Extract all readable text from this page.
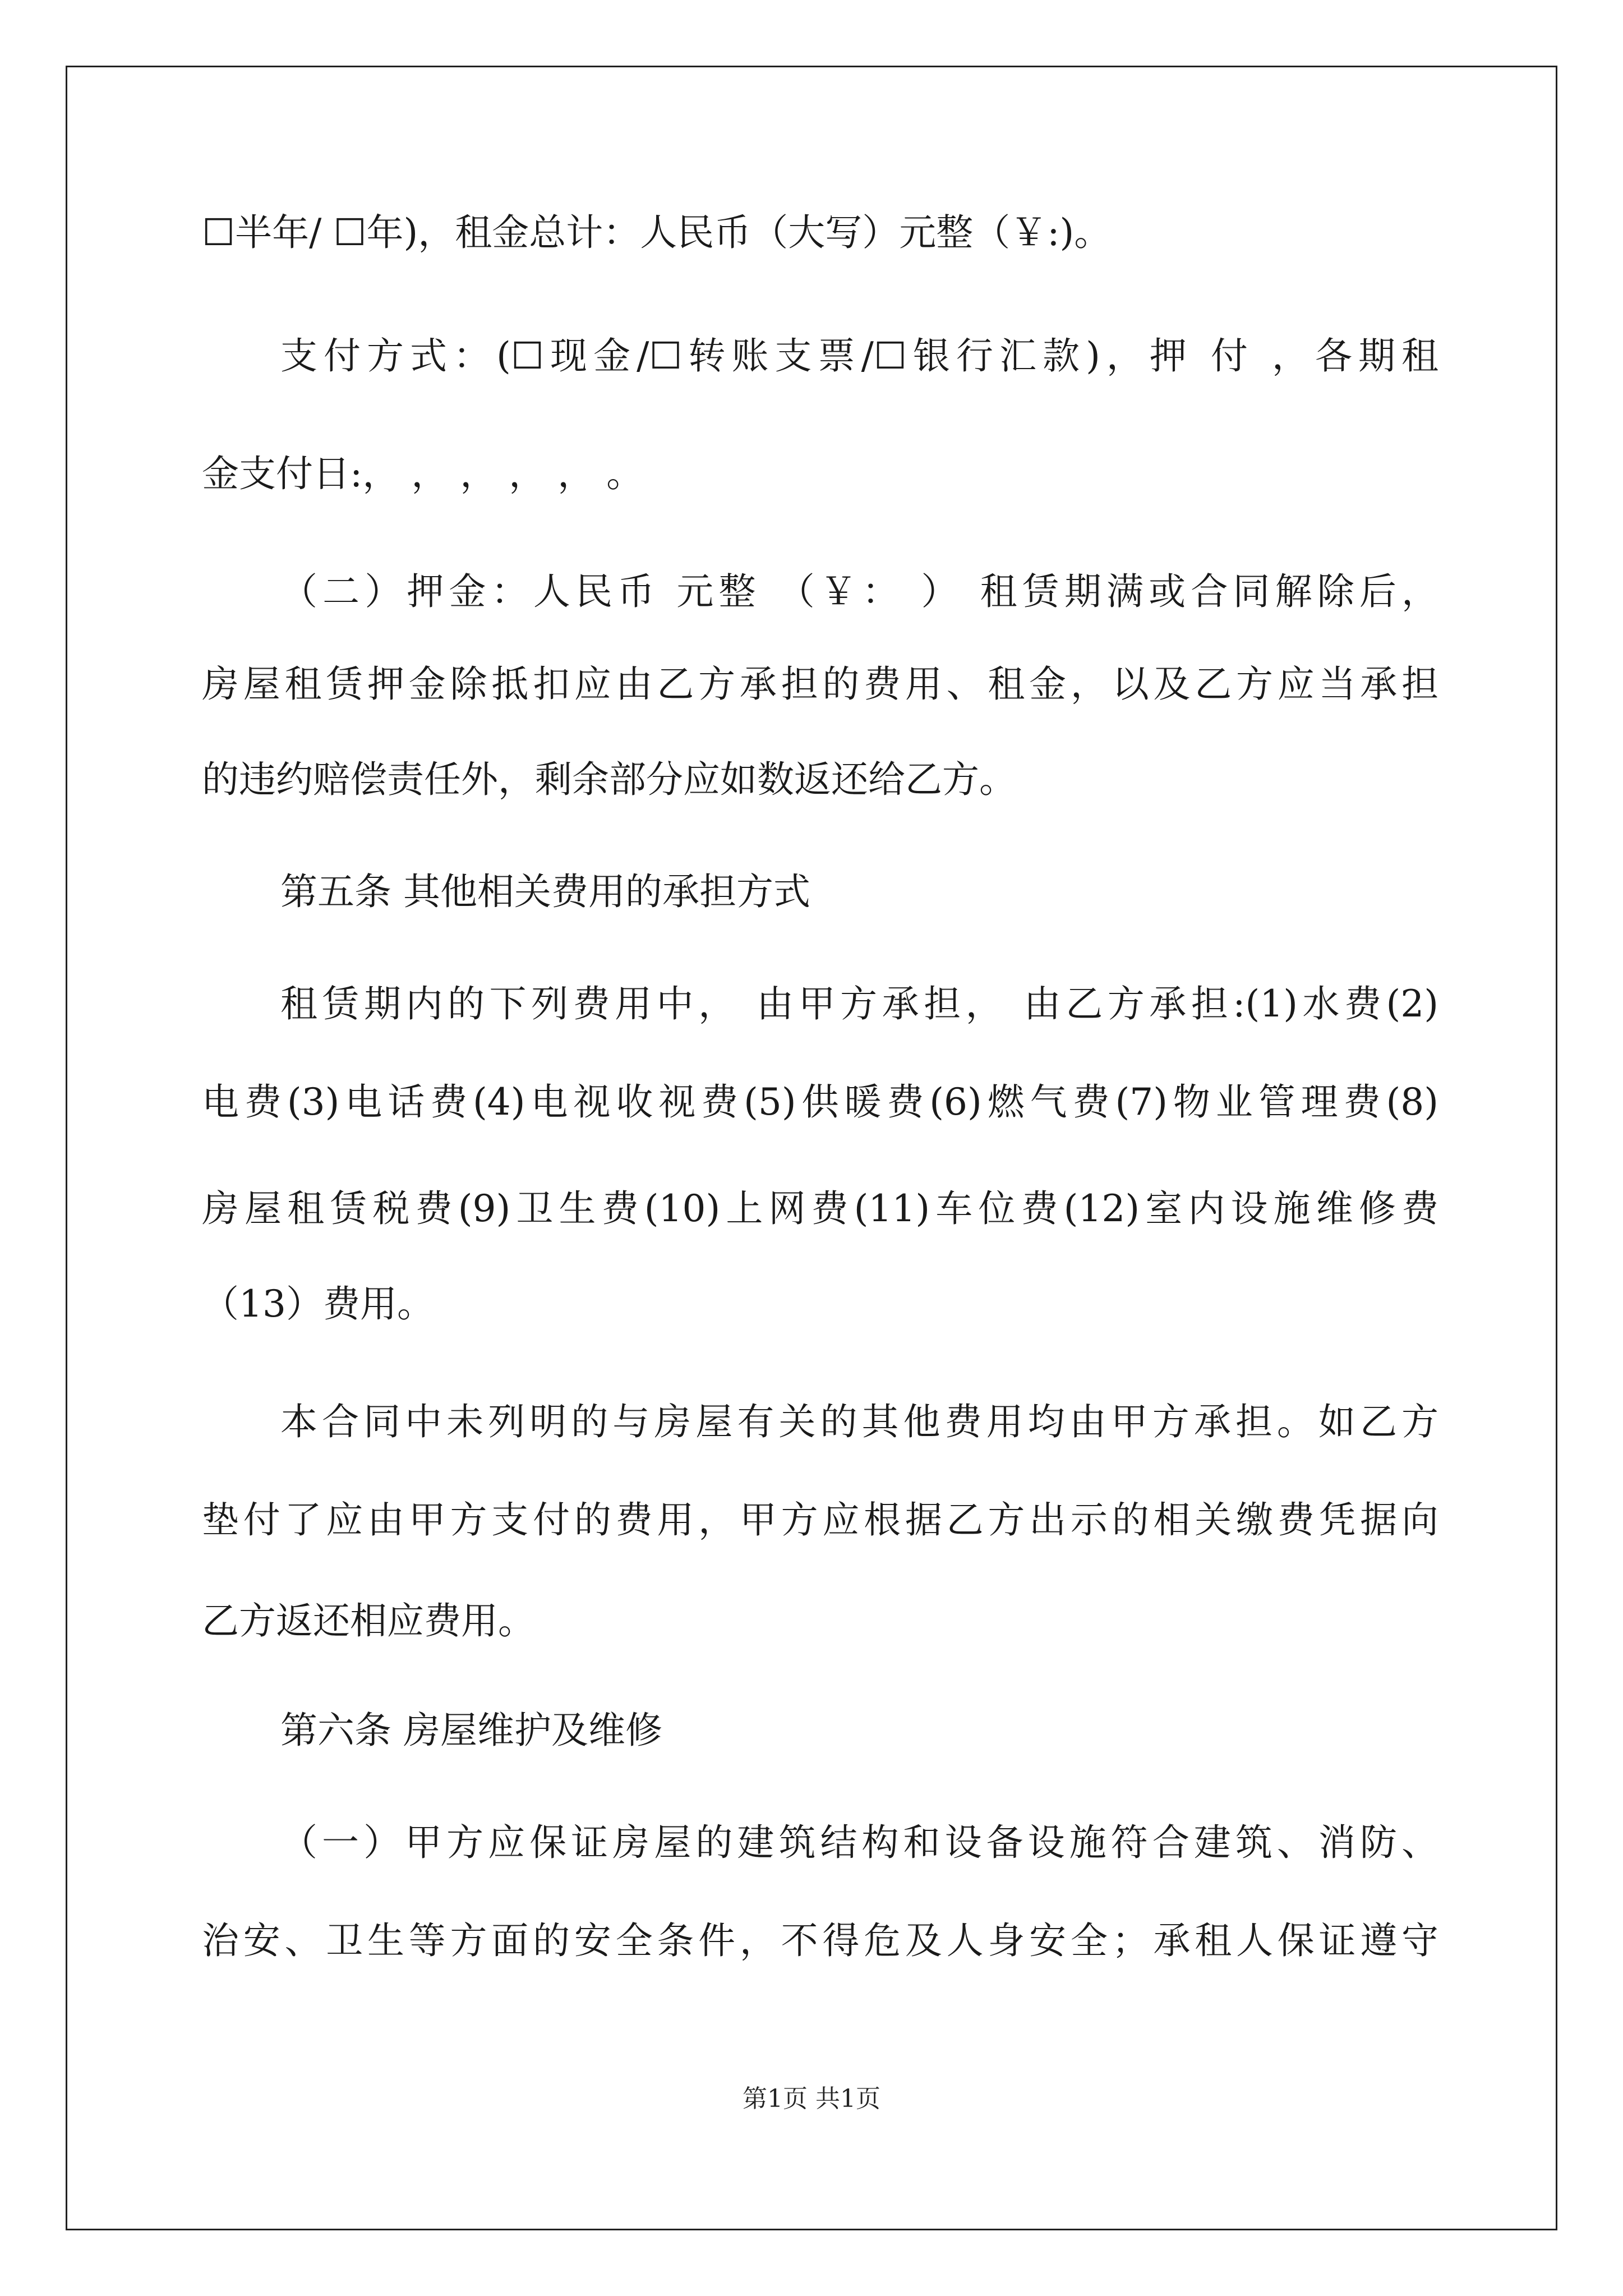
☐半年/ ☐年)，租金总计：人民币（大写）元整（￥:)。
支付方式：(☐现金/☐转账支票/☐银行汇款)，押 付 ，各期租
金支付日:， ， ， ， ， 。
（二）押金：人民币 元整 （￥： ） 租赁期满或合同解除后，
房屋租赁押金除抵扣应由乙方承担的费用、租金，以及乙方应当承担
的违约赔偿责任外，剩余部分应如数返还给乙方。
第五条 其他相关费用的承担方式
租赁期内的下列费用中， 由甲方承担， 由乙方承担:(1)水费(2)
电费(3)电话费(4)电视收视费(5)供暖费(6)燃气费(7)物业管理费(8)
房屋租赁税费(9)卫生费(10)上网费(11)车位费(12)室内设施维修费
（13）费用。
本合同中未列明的与房屋有关的其他费用均由甲方承担。如乙方
垫付了应由甲方支付的费用，甲方应根据乙方出示的相关缴费凭据向
乙方返还相应费用。
第六条 房屋维护及维修
（一）甲方应保证房屋的建筑结构和设备设施符合建筑、消防、
治安、卫生等方面的安全条件，不得危及人身安全；承租人保证遵守
第1页 共1页
